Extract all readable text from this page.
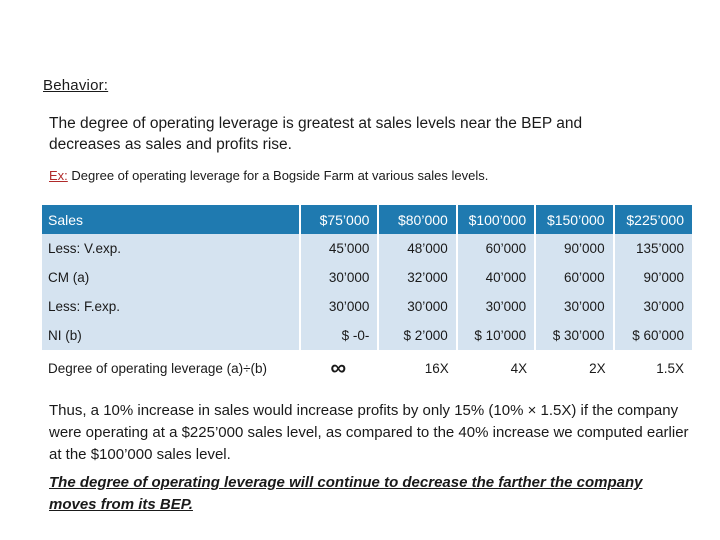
Behavior:
The degree of operating leverage is greatest at sales levels near the BEP and decreases as sales and profits rise.
Ex: Degree of operating leverage for a Bogside Farm at various sales levels.
Sales	$75’000	$80’000	$100’000	$150’000	$225’000
Less: V.exp.	45’000	48’000	60’000	90’000	135’000
CM (a)	30’000	32’000	40’000	60’000	90’000
Less: F.exp.	30’000	30’000	30’000	30’000	30’000
NI (b)	$ -0-	$ 2’000	$ 10’000	$ 30’000	$ 60’000
Degree of operating leverage (a)÷(b)	∞	16X	4X	2X	1.5X
Thus, a 10% increase in sales would increase profits by only 15% (10% × 1.5X) if the company were operating at a $225’000 sales level, as compared to the 40% increase we computed earlier at the $100’000 sales level.
The degree of operating leverage will continue to decrease the farther the company moves from its BEP.
